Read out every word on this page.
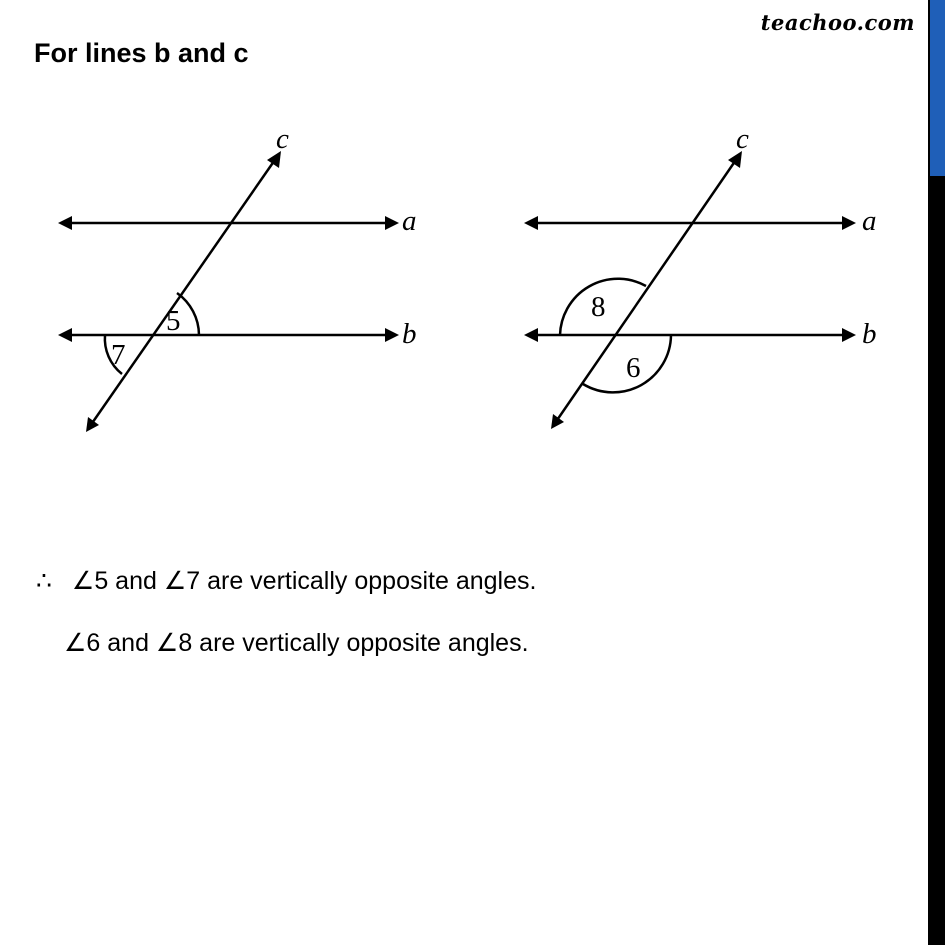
teachoo.com
For lines b and c
a
b
c
5
7
8
6
a
b
c
∴ ∠5 and ∠7 are vertically opposite angles.
∠6 and ∠8 are vertically opposite angles.
